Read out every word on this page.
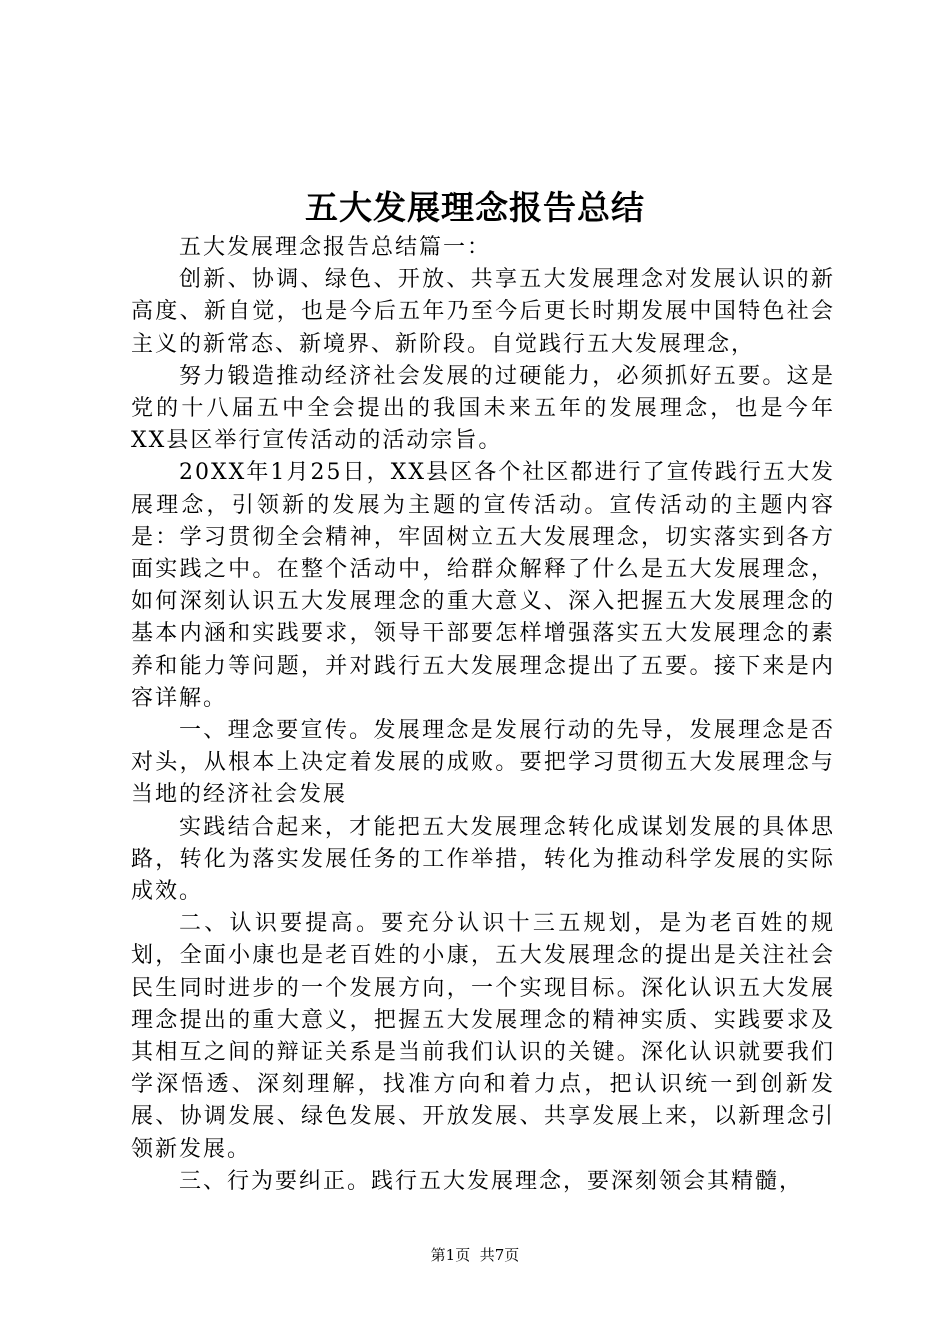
五大发展理念报告总结

五大发展理念报告总结篇一：

创新、协调、绿色、开放、共享五大发展理念对发展认识的新高度、新自觉，也是今后五年乃至今后更长时期发展中国特色社会主义的新常态、新境界、新阶段。自觉践行五大发展理念，

努力锻造推动经济社会发展的过硬能力，必须抓好五要。这是党的十八届五中全会提出的我国未来五年的发展理念，也是今年XX县区举行宣传活动的活动宗旨。

20XX年1月25日，XX县区各个社区都进行了宣传践行五大发展理念，引领新的发展为主题的宣传活动。宣传活动的主题内容是：学习贯彻全会精神，牢固树立五大发展理念，切实落实到各方面实践之中。在整个活动中，给群众解释了什么是五大发展理念，如何深刻认识五大发展理念的重大意义、深入把握五大发展理念的基本内涵和实践要求，领导干部要怎样增强落实五大发展理念的素养和能力等问题，并对践行五大发展理念提出了五要。接下来是内容详解。

一、理念要宣传。发展理念是发展行动的先导，发展理念是否对头，从根本上决定着发展的成败。要把学习贯彻五大发展理念与当地的经济社会发展

实践结合起来，才能把五大发展理念转化成谋划发展的具体思路，转化为落实发展任务的工作举措，转化为推动科学发展的实际成效。

二、认识要提高。要充分认识十三五规划，是为老百姓的规划，全面小康也是老百姓的小康，五大发展理念的提出是关注社会民生同时进步的一个发展方向，一个实现目标。深化认识五大发展理念提出的重大意义，把握五大发展理念的精神实质、实践要求及其相互之间的辩证关系是当前我们认识的关键。深化认识就要我们学深悟透、深刻理解，找准方向和着力点，把认识统一到创新发展、协调发展、绿色发展、开放发展、共享发展上来，以新理念引领新发展。

三、行为要纠正。践行五大发展理念，要深刻领会其精髓，

第1页 共7页
